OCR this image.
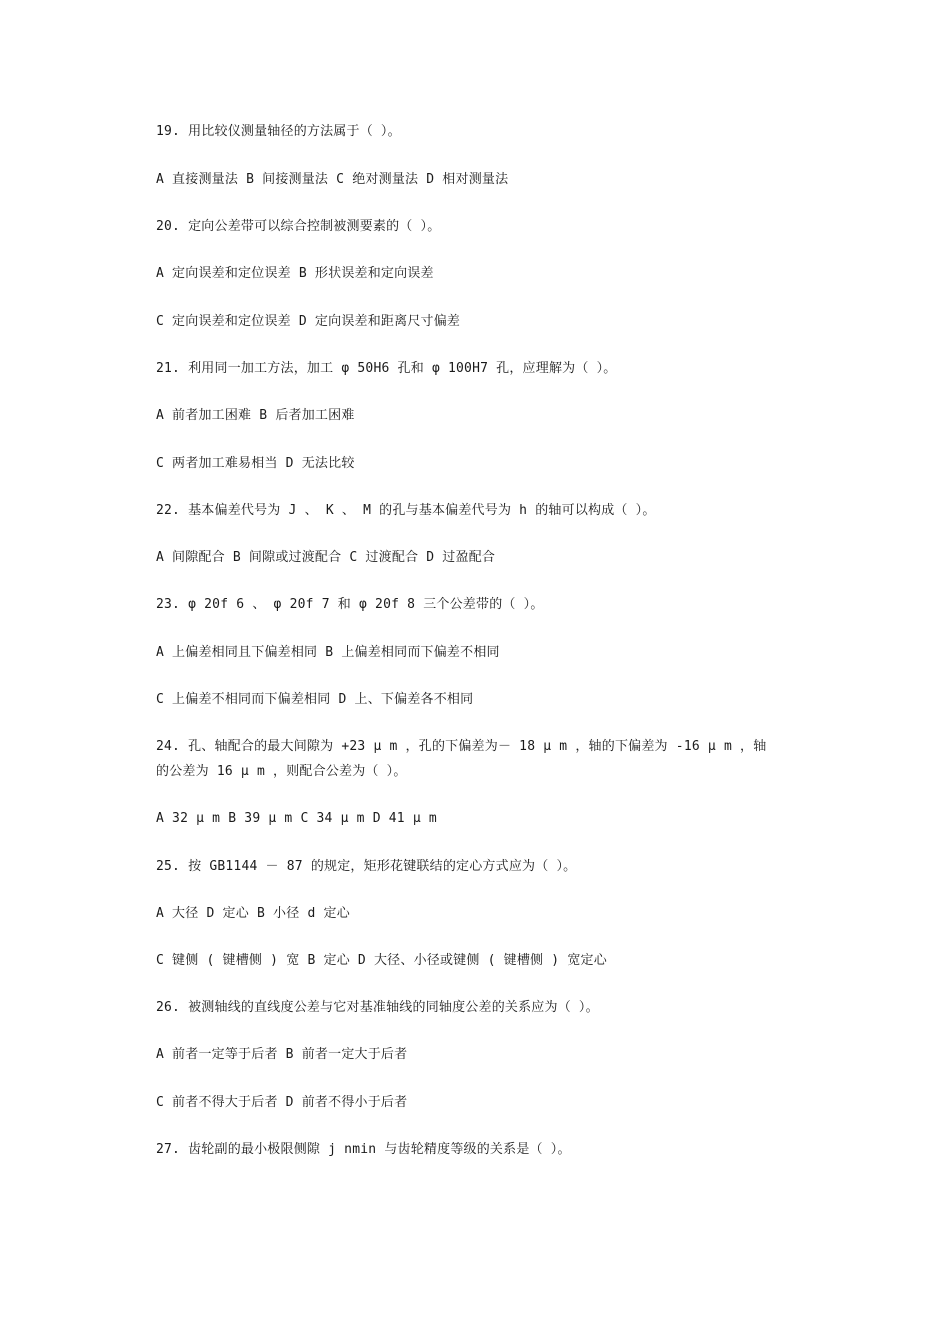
19. 用比较仪测量轴径的方法属于（ ）。
A 直接测量法 B 间接测量法 C 绝对测量法 D 相对测量法
20. 定向公差带可以综合控制被测要素的（ ）。
A 定向误差和定位误差 B 形状误差和定向误差
C 定向误差和定位误差 D 定向误差和距离尺寸偏差
21. 利用同一加工方法，加工 φ 50H6 孔和 φ 100H7 孔，应理解为（ ）。
A 前者加工困难 B 后者加工困难
C 两者加工难易相当 D 无法比较
22. 基本偏差代号为 J 、 K 、 M 的孔与基本偏差代号为 h 的轴可以构成（ ）。
A 间隙配合 B 间隙或过渡配合 C 过渡配合 D 过盈配合
23. φ 20f 6 、 φ 20f 7 和 φ 20f 8 三个公差带的（ ）。
A 上偏差相同且下偏差相同 B 上偏差相同而下偏差不相同
C 上偏差不相同而下偏差相同 D 上、下偏差各不相同
24. 孔、轴配合的最大间隙为 +23 μ m ，孔的下偏差为－ 18 μ m ，轴的下偏差为 -16 μ m ，轴
的公差为 16 μ m ，则配合公差为（ ）。
A 32 μ m B 39 μ m C 34 μ m D 41 μ m
25. 按 GB1144 － 87 的规定，矩形花键联结的定心方式应为（ ）。
A 大径 D 定心 B 小径 d 定心
C 键侧 ( 键槽侧 ) 宽 B 定心 D 大径、小径或键侧 ( 键槽侧 ) 宽定心
26. 被测轴线的直线度公差与它对基准轴线的同轴度公差的关系应为（ ）。
A 前者一定等于后者 B 前者一定大于后者
C 前者不得大于后者 D 前者不得小于后者
27. 齿轮副的最小极限侧隙 j nmin 与齿轮精度等级的关系是（ ）。
